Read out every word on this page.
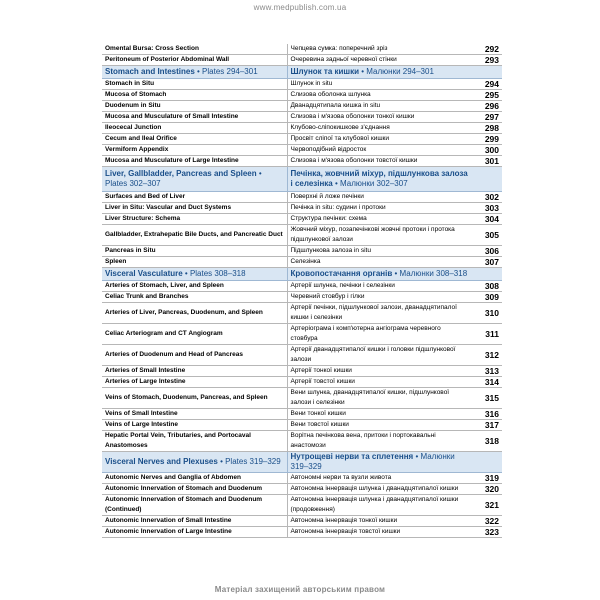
www.medpublish.com.ua
Omental Bursa: Cross Section	Чепцева сумка: поперечний зріз	292
Peritoneum of Posterior Abdominal Wall	Очеревина задньої черевної стінки	293
Stomach and Intestines • Plates 294–301	Шлунок та кишки • Малюнки 294–301	
Stomach in Situ	Шлунок in situ	294
Mucosa of Stomach	Слизова оболонка шлунка	295
Duodenum in Situ	Дванадцятипала кишка in situ	296
Mucosa and Musculature of Small Intestine	Слизова і м'язова оболонки тонкої кишки	297
Ileocecal Junction	Клубово-сліпокишкове з'єднання	298
Cecum and Ileal Orifice	Просвіт сліпої та клубової кишки	299
Vermiform Appendix	Червоподібний відросток	300
Mucosa and Musculature of Large Intestine	Слизова і м'язова оболонки товстої кишки	301
Liver, Gallbladder, Pancreas and Spleen • Plates 302–307	Печінка, жовчний міхур, підшлункова залоза і селезінка • Малюнки 302–307	
Surfaces and Bed of Liver	Поверхні й ложе печінки	302
Liver in Situ: Vascular and Duct Systems	Печінка in situ: судини і протоки	303
Liver Structure: Schema	Структура печінки: схема	304
Gallbladder, Extrahepatic Bile Ducts, and Pancreatic Duct	Жовчний міхур, позапечінкові жовчні протоки і протока підшлункової залози	305
Pancreas in Situ	Підшлункова залоза in situ	306
Spleen	Селезінка	307
Visceral Vasculature • Plates 308–318	Кровопостачання органів • Малюнки 308–318	
Arteries of Stomach, Liver, and Spleen	Артерії шлунка, печінки і селезінки	308
Celiac Trunk and Branches	Черевний стовбур і гілки	309
Arteries of Liver, Pancreas, Duodenum, and Spleen	Артерії печінки, підшлункової залози, дванадцятипалої кишки і селезінки	310
Celiac Arteriogram and CT Angiogram	Артеріограма і комп'ютерна ангіограма черевного стовбура	311
Arteries of Duodenum and Head of Pancreas	Артерії дванадцятипалої кишки і головки підшлункової залози	312
Arteries of Small Intestine	Артерії тонкої кишки	313
Arteries of Large Intestine	Артерії товстої кишки	314
Veins of Stomach, Duodenum, Pancreas, and Spleen	Вени шлунка, дванадцятипалої кишки, підшлункової залози і селезінки	315
Veins of Small Intestine	Вени тонкої кишки	316
Veins of Large Intestine	Вени товстої кишки	317
Hepatic Portal Vein, Tributaries, and Portocaval Anastomoses	Ворітна печінкова вена, притоки і портокавальні анастомози	318
Visceral Nerves and Plexuses • Plates 319–329	Нутрощеві нерви та сплетення • Малюнки 319–329	
Autonomic Nerves and Ganglia of Abdomen	Автономні нерви та вузли живота	319
Autonomic Innervation of Stomach and Duodenum	Автономна іннервація шлунка і дванадцятипалої кишки	320
Autonomic Innervation of Stomach and Duodenum (Continued)	Автономна іннервація шлунка і дванадцятипалої кишки (продовження)	321
Autonomic Innervation of Small Intestine	Автономна іннервація тонкої кишки	322
Autonomic Innervation of Large Intestine	Автономна іннервація товстої кишки	323
Матеріал захищений авторським правом
